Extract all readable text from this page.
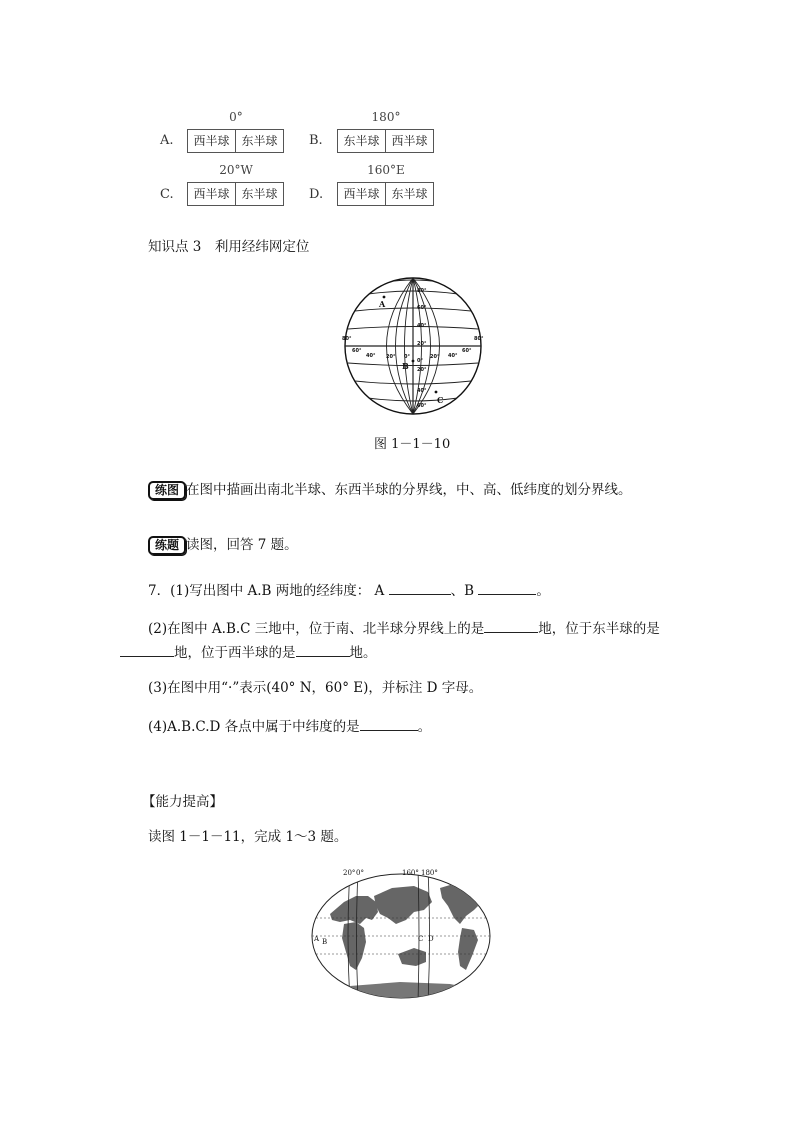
0°
A.	西半球 东半球
180°
B.	东半球 西半球
20°W
C.	西半球 东半球
160°E
D.	西半球 东半球
知识点 3　利用经纬网定位
80°
60°
40°
20°
0°
20°
40°
60°
80°
60°
40° 20° 0°	20° 40°
60°
80°
A
B
C
图 1－1－10
练图 在图中描画出南北半球、东西半球的分界线，中、高、低纬度的划分界线。
练题 读图，回答 7 题。
7．(1)写出图中 A.B 两地的经纬度： A	、B	。
(2)在图中 A.B.C 三地中，位于南、北半球分界线上的是	地，位于东半球的是
地，位于西半球的是	地。
(3)在图中用“·”表示(40° N，60° E)，并标注 D 字母。
(4)A.B.C.D 各点中属于中纬度的是	。
【能力提高】
读图 1－1－11，完成 1～3 题。
20° 0°	160° 180°
A B	C D
